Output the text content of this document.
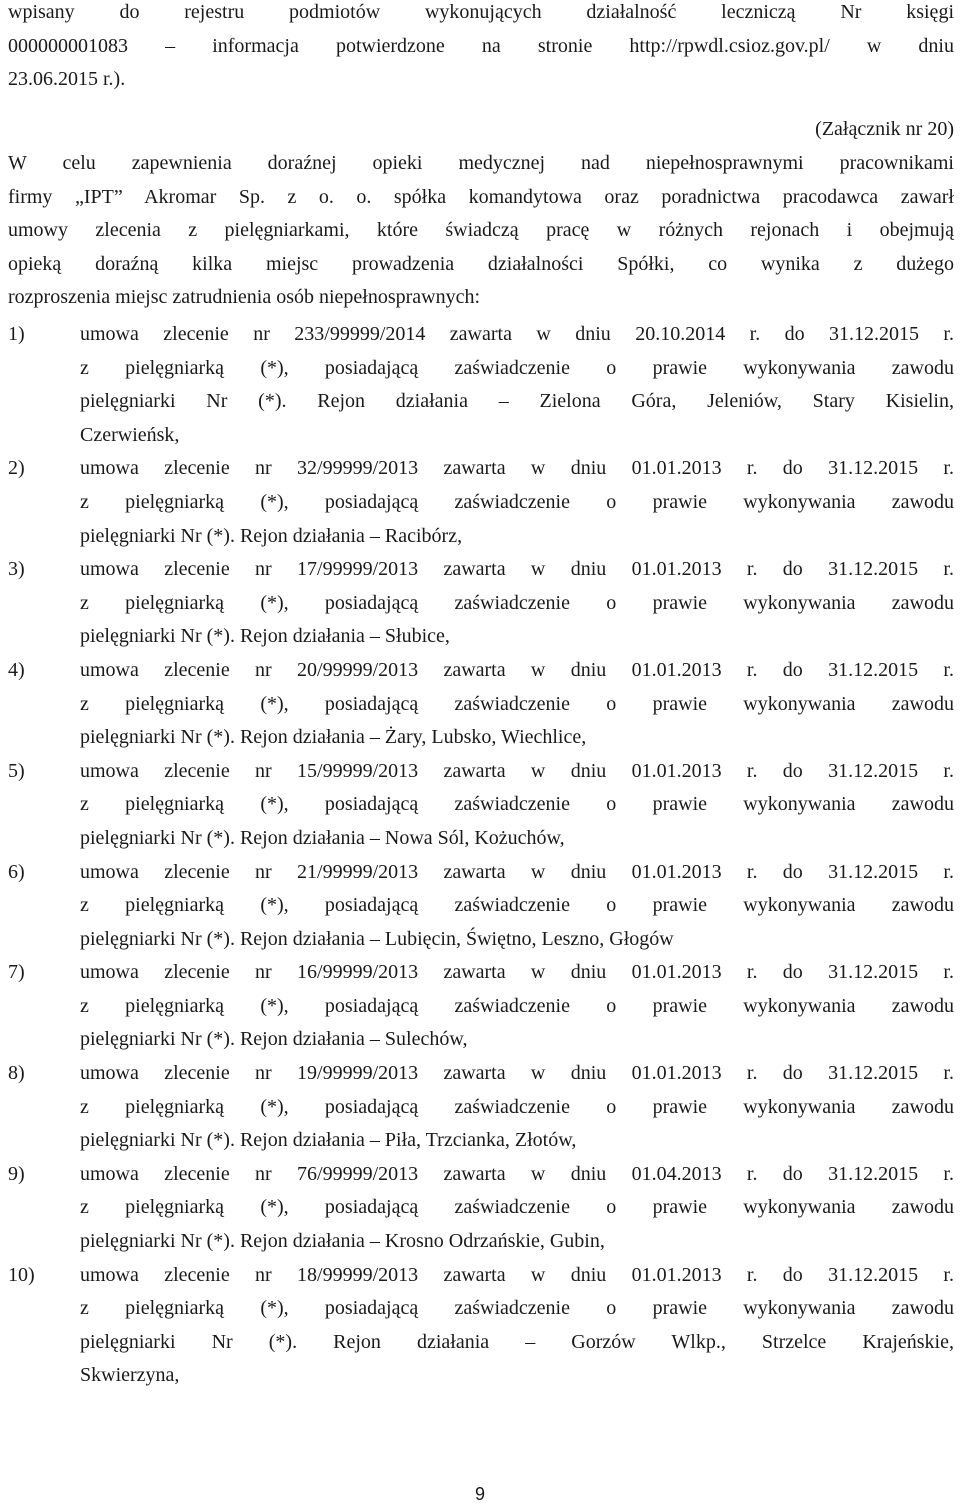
wpisany do rejestru podmiotów wykonujących działalność leczniczą Nr księgi
000000001083 – informacja potwierdzone na stronie http://rpwdl.csioz.gov.pl/ w dniu
23.06.2015 r.).

(Załącznik nr 20)

W celu zapewnienia doraźnej opieki medycznej nad niepełnosprawnymi pracownikami
firmy „IPT” Akromar Sp. z o. o. spółka komandytowa oraz poradnictwa pracodawca zawarł
umowy zlecenia z pielęgniarkami, które świadczą pracę w różnych rejonach i obejmują
opieką doraźną kilka miejsc prowadzenia działalności Spółki, co wynika z dużego
rozproszenia miejsc zatrudnienia osób niepełnosprawnych:
1)	umowa zlecenie nr 233/99999/2014 zawarta w dniu 20.10.2014 r. do 31.12.2015 r.
z pielęgniarką (*), posiadającą zaświadczenie o prawie wykonywania zawodu
pielęgniarki Nr (*). Rejon działania – Zielona Góra, Jeleniów, Stary Kisielin,
Czerwieńsk,
2)	umowa zlecenie nr 32/99999/2013 zawarta w dniu 01.01.2013 r. do 31.12.2015 r.
z pielęgniarką (*), posiadającą zaświadczenie o prawie wykonywania zawodu
pielęgniarki Nr (*). Rejon działania – Racibórz,
3)	umowa zlecenie nr 17/99999/2013 zawarta w dniu 01.01.2013 r. do 31.12.2015 r.
z pielęgniarką (*), posiadającą zaświadczenie o prawie wykonywania zawodu
pielęgniarki Nr (*). Rejon działania – Słubice,
4)	umowa zlecenie nr 20/99999/2013 zawarta w dniu 01.01.2013 r. do 31.12.2015 r.
z pielęgniarką (*), posiadającą zaświadczenie o prawie wykonywania zawodu
pielęgniarki Nr (*). Rejon działania – Żary, Lubsko, Wiechlice,
5)	umowa zlecenie nr 15/99999/2013 zawarta w dniu 01.01.2013 r. do 31.12.2015 r.
z pielęgniarką (*), posiadającą zaświadczenie o prawie wykonywania zawodu
pielęgniarki Nr (*). Rejon działania – Nowa Sól, Kożuchów,
6)	umowa zlecenie nr 21/99999/2013 zawarta w dniu 01.01.2013 r. do 31.12.2015 r.
z pielęgniarką (*), posiadającą zaświadczenie o prawie wykonywania zawodu
pielęgniarki Nr (*). Rejon działania – Lubięcin, Świętno, Leszno, Głogów
7)	umowa zlecenie nr 16/99999/2013 zawarta w dniu 01.01.2013 r. do 31.12.2015 r.
z pielęgniarką (*), posiadającą zaświadczenie o prawie wykonywania zawodu
pielęgniarki Nr (*). Rejon działania – Sulechów,
8)	umowa zlecenie nr 19/99999/2013 zawarta w dniu 01.01.2013 r. do 31.12.2015 r.
z pielęgniarką (*), posiadającą zaświadczenie o prawie wykonywania zawodu
pielęgniarki Nr (*). Rejon działania – Piła, Trzcianka, Złotów,
9)	umowa zlecenie nr 76/99999/2013 zawarta w dniu 01.04.2013 r. do 31.12.2015 r.
z pielęgniarką (*), posiadającą zaświadczenie o prawie wykonywania zawodu
pielęgniarki Nr (*). Rejon działania – Krosno Odrzańskie, Gubin,
10)	umowa zlecenie nr 18/99999/2013 zawarta w dniu 01.01.2013 r. do 31.12.2015 r.
z pielęgniarką (*), posiadającą zaświadczenie o prawie wykonywania zawodu
pielęgniarki Nr (*). Rejon działania – Gorzów Wlkp., Strzelce Krajeńskie,
Skwierzyna,

9
